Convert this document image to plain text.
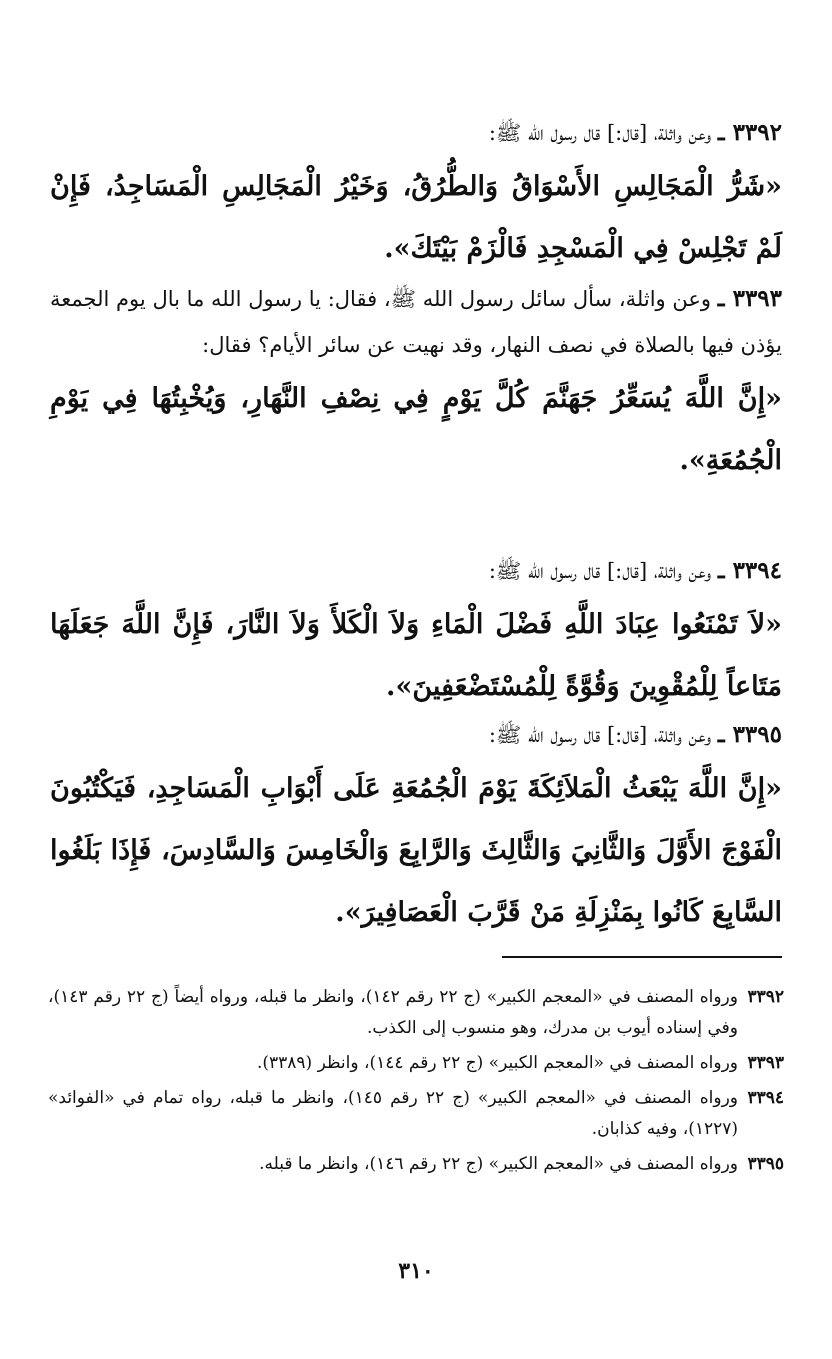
٣٣٩٢ ـ وعن واثلة، [قال:] قال رسول الله ﷺ:

«شَرُّ الْمَجَالِسِ الأَسْوَاقُ وَالطُّرُقُ، وَخَيْرُ الْمَجَالِسِ الْمَسَاجِدُ، فَإِنْ لَمْ تَجْلِسْ فِي الْمَسْجِدِ فَالْزَمْ بَيْتَكَ».

٣٣٩٣ ـ وعن واثلة، سأل سائل رسول الله ﷺ، فقال: يا رسول الله ما بال يوم الجمعة يؤذن فيها بالصلاة في نصف النهار، وقد نهيت عن سائر الأيام؟ فقال:

«إِنَّ اللَّهَ يُسَعِّرُ جَهَنَّمَ كُلَّ يَوْمٍ فِي نِصْفِ النَّهَارِ، وَيُخْبِتُهَا فِي يَوْمِ الْجُمُعَةِ».

٣٣٩٤ ـ وعن واثلة، [قال:] قال رسول الله ﷺ:

«لاَ تَمْنَعُوا عِبَادَ اللَّهِ فَضْلَ الْمَاءِ وَلاَ الْكَلأَ وَلاَ النَّارَ، فَإِنَّ اللَّهَ جَعَلَهَا مَتَاعاً لِلْمُقْوِينَ وَقُوَّةً لِلْمُسْتَضْعَفِينَ».

٣٣٩٥ ـ وعن واثلة، [قال:] قال رسول الله ﷺ:

«إِنَّ اللَّهَ يَبْعَثُ الْمَلاَئِكَةَ يَوْمَ الْجُمُعَةِ عَلَى أَبْوَابِ الْمَسَاجِدِ، فَيَكْتُبُونَ الْفَوْجَ الأَوَّلَ وَالثَّانِيَ وَالثَّالِثَ وَالرَّابِعَ وَالْخَامِسَ وَالسَّادِسَ، فَإِذَا بَلَغُوا السَّابِعَ كَانُوا بِمَنْزِلَةِ مَنْ قَرَّبَ الْعَصَافِيرَ».

٣٣٩٢ورواه المصنف في «المعجم الكبير» (ج ٢٢ رقم ١٤٢)، وانظر ما قبله، ورواه أيضاً (ج ٢٢ رقم ١٤٣)، وفي إسناده أيوب بن مدرك، وهو منسوب إلى الكذب.

٣٣٩٣ورواه المصنف في «المعجم الكبير» (ج ٢٢ رقم ١٤٤)، وانظر (٣٣٨٩).

٣٣٩٤ورواه المصنف في «المعجم الكبير» (ج ٢٢ رقم ١٤٥)، وانظر ما قبله، رواه تمام في «الفوائد» (١٢٢٧)، وفيه كذابان.

٣٣٩٥ورواه المصنف في «المعجم الكبير» (ج ٢٢ رقم ١٤٦)، وانظر ما قبله.

٣١٠
